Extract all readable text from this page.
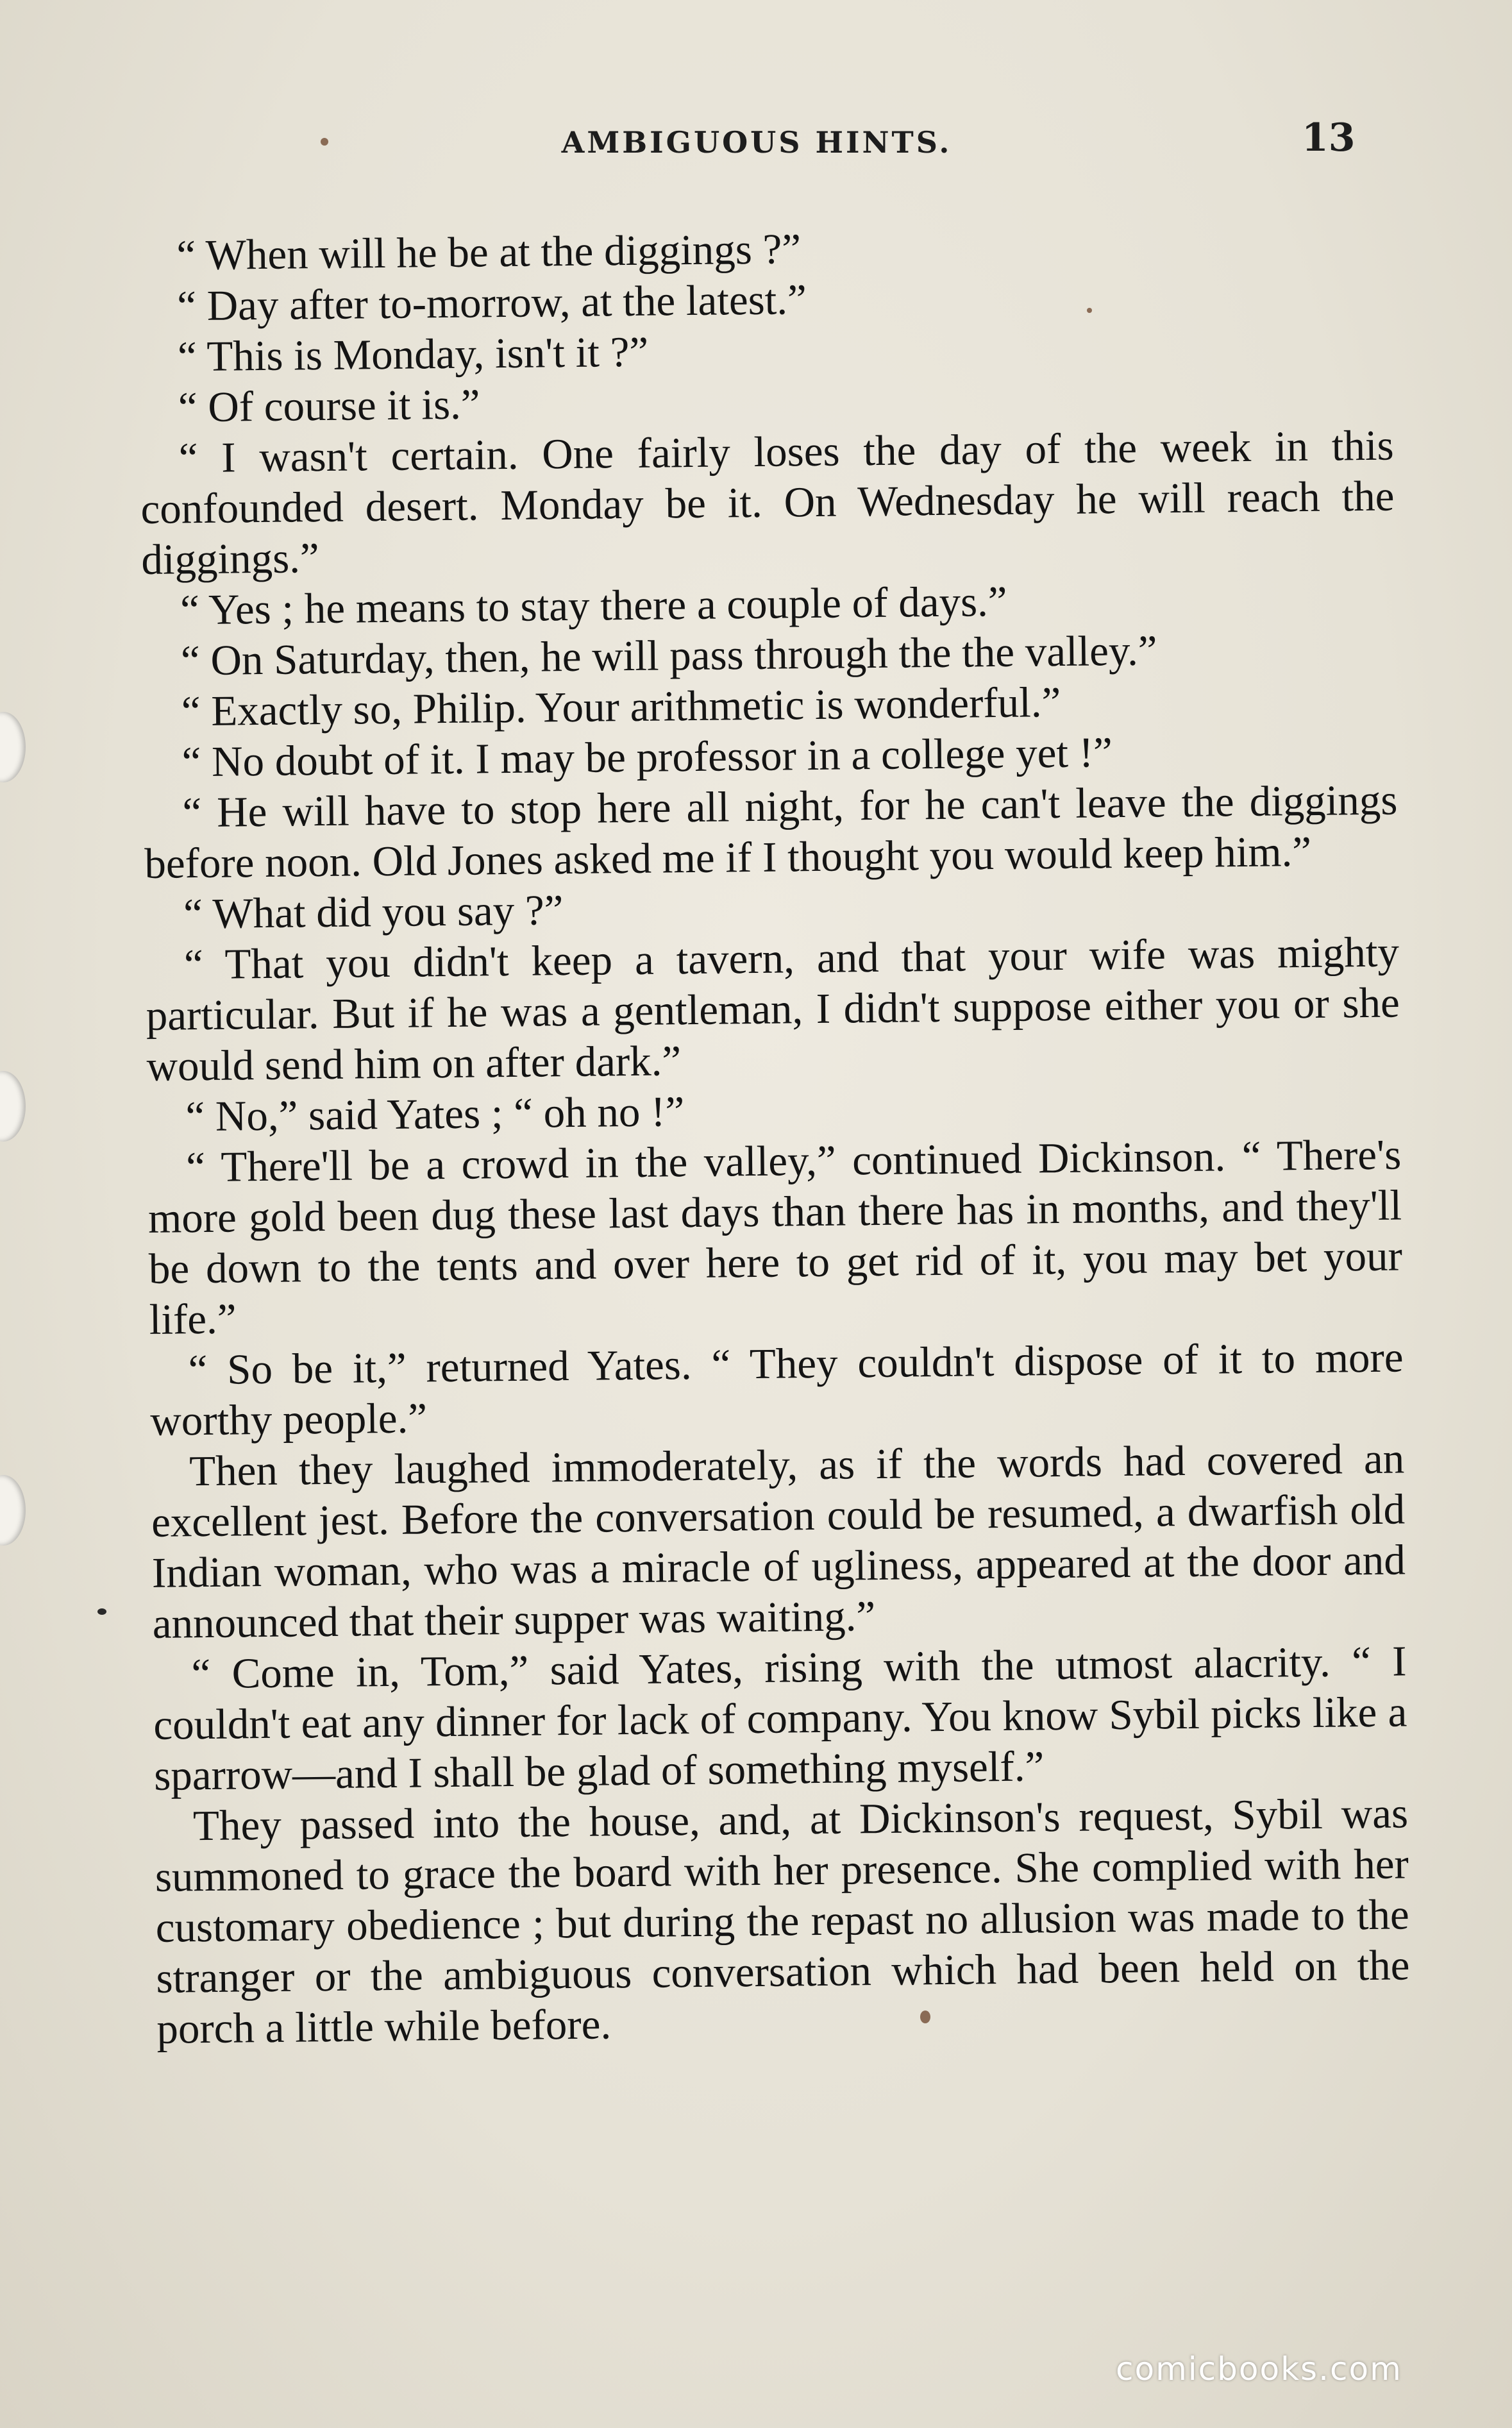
AMBIGUOUS HINTS.	13

“ When will he be at the diggings ?”

“ Day after to-morrow, at the latest.”

“ This is Monday, isn't it ?”

“ Of course it is.”

“ I wasn't certain. One fairly loses the day of the week in this confounded desert. Monday be it. On Wednesday he will reach the diggings.”

“ Yes ; he means to stay there a couple of days.”

“ On Saturday, then, he will pass through the the valley.”

“ Exactly so, Philip. Your arithmetic is wonderful.”

“ No doubt of it. I may be professor in a college yet !”

“ He will have to stop here all night, for he can't leave the diggings before noon. Old Jones asked me if I thought you would keep him.”

“ What did you say ?”

“ That you didn't keep a tavern, and that your wife was mighty particular. But if he was a gentleman, I didn't suppose either you or she would send him on after dark.”

“ No,” said Yates ; “ oh no !”

“ There'll be a crowd in the valley,” continued Dickinson. “ There's more gold been dug these last days than there has in months, and they'll be down to the tents and over here to get rid of it, you may bet your life.”

“ So be it,” returned Yates. “ They couldn't dispose of it to more worthy people.”

Then they laughed immoderately, as if the words had covered an excellent jest. Before the conversation could be resumed, a dwarfish old Indian woman, who was a miracle of ugliness, appeared at the door and announced that their supper was waiting.”

“ Come in, Tom,” said Yates, rising with the utmost alacrity. “ I couldn't eat any dinner for lack of company. You know Sybil picks like a sparrow—and I shall be glad of something myself.”

They passed into the house, and, at Dickinson's request, Sybil was summoned to grace the board with her presence. She complied with her customary obedience ; but during the repast no allusion was made to the stranger or the ambiguous conversation which had been held on the porch a little while before.

comicbooks.com
